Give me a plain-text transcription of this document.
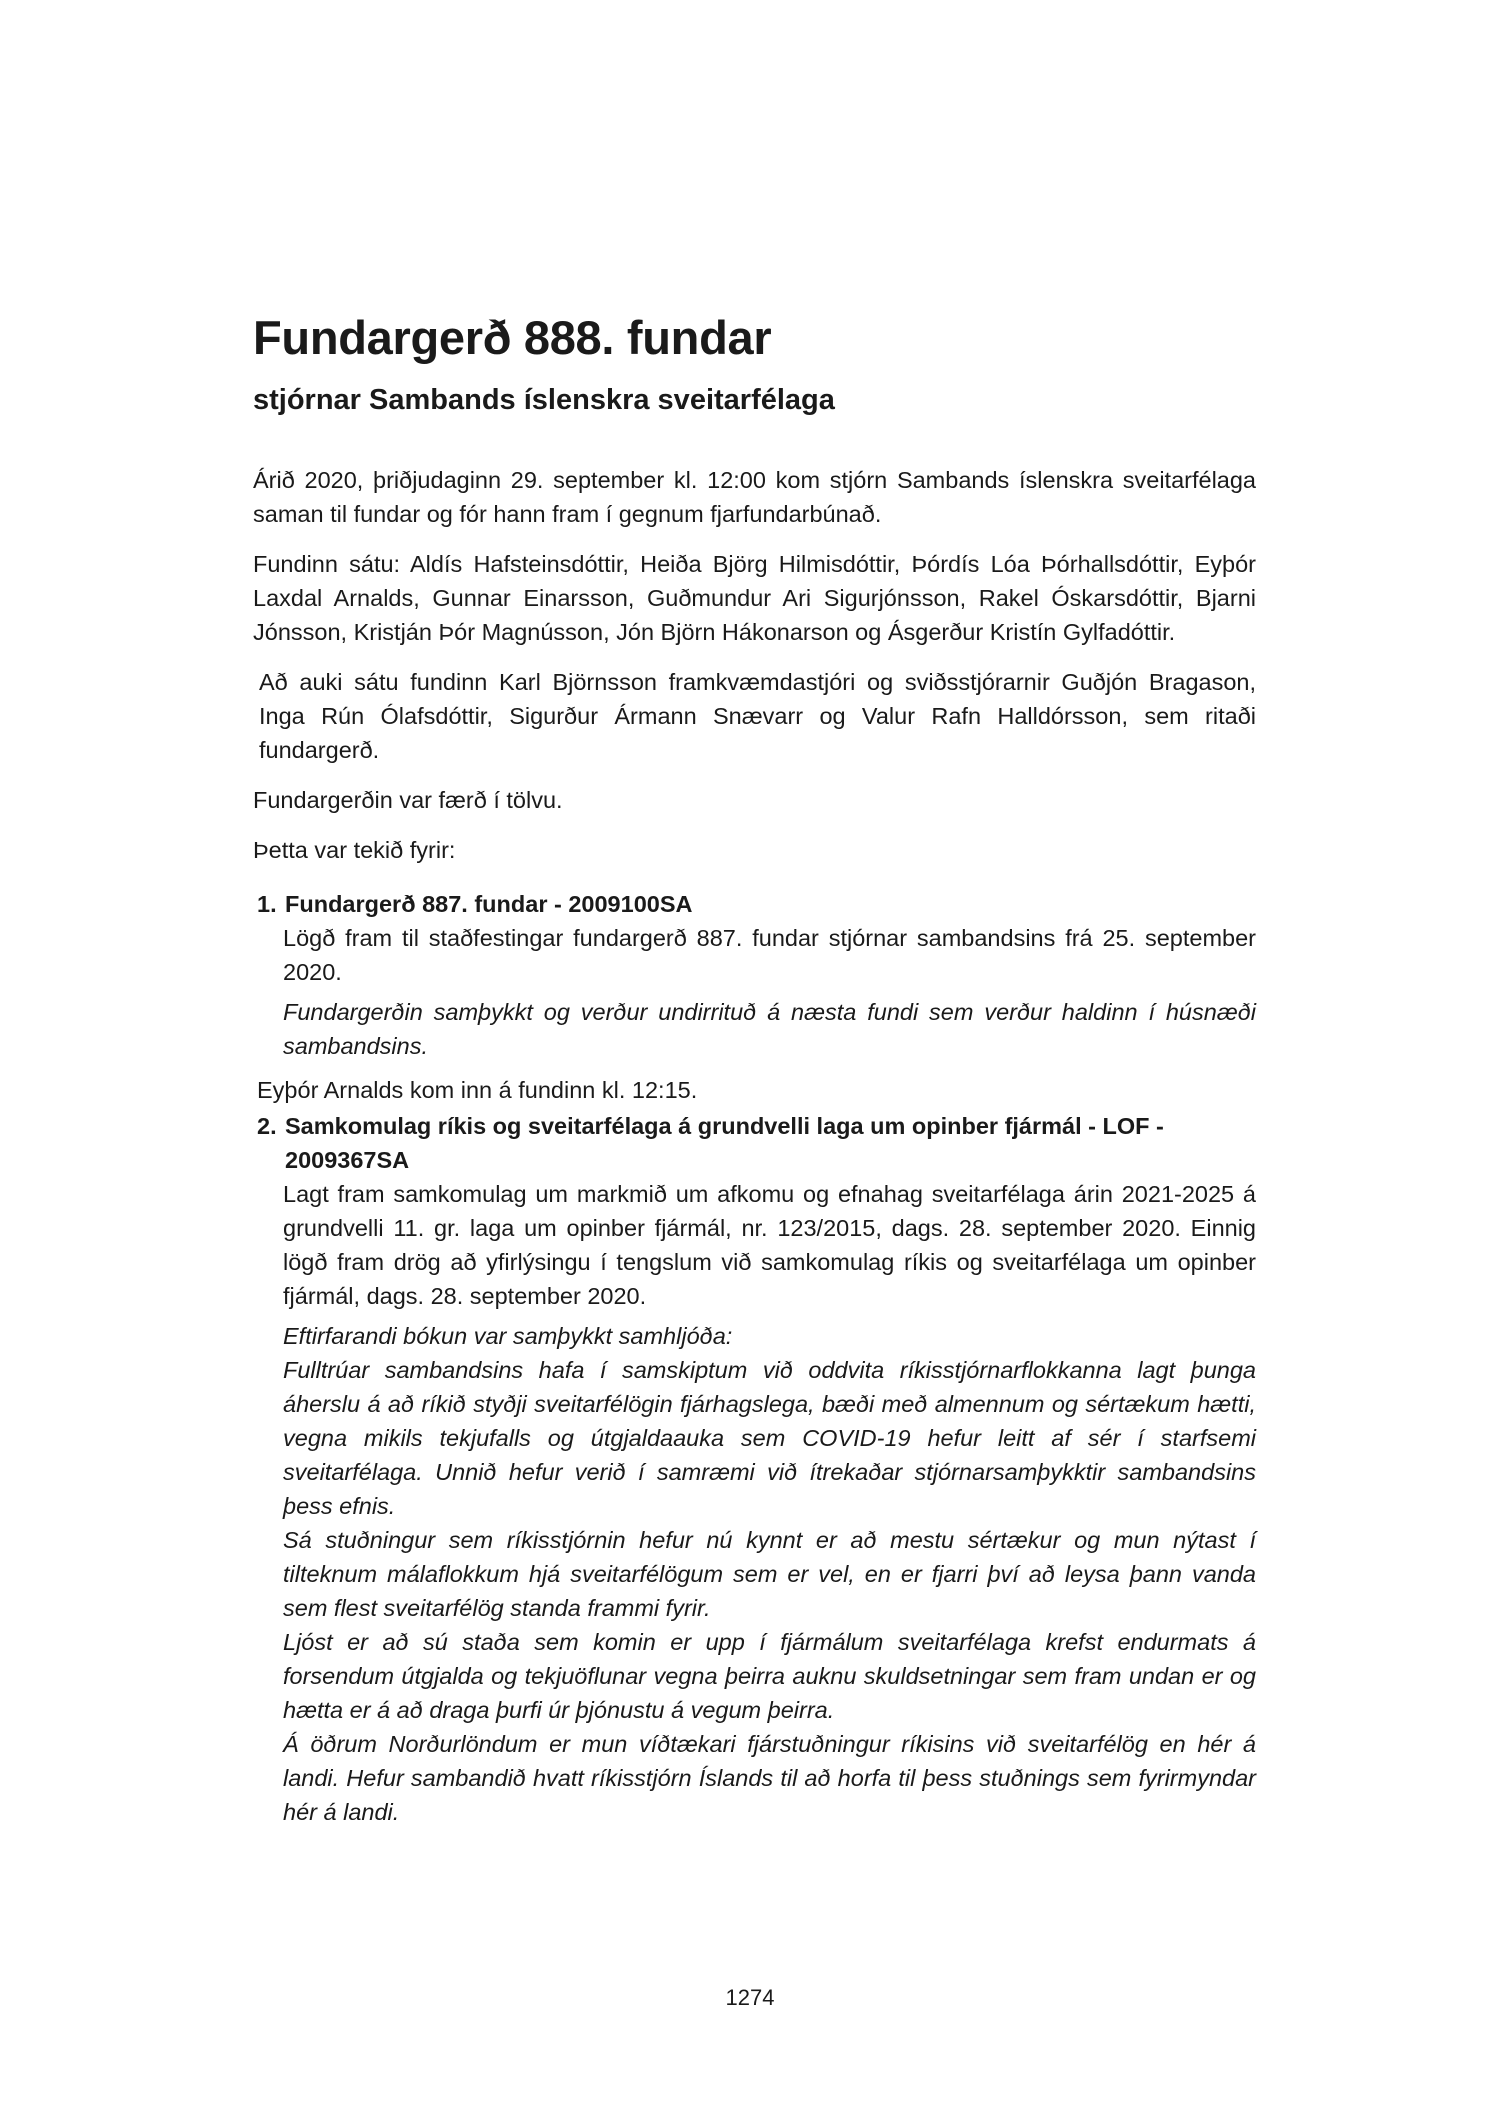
Fundargerð 888. fundar
stjórnar Sambands íslenskra sveitarfélaga

Árið 2020, þriðjudaginn 29. september kl. 12:00 kom stjórn Sambands íslenskra sveitarfélaga saman til fundar og fór hann fram í gegnum fjarfundarbúnað.

Fundinn sátu: Aldís Hafsteinsdóttir, Heiða Björg Hilmisdóttir, Þórdís Lóa Þórhallsdóttir, Eyþór Laxdal Arnalds, Gunnar Einarsson, Guðmundur Ari Sigurjónsson, Rakel Óskarsdóttir, Bjarni Jónsson, Kristján Þór Magnússon, Jón Björn Hákonarson og Ásgerður Kristín Gylfadóttir.

Að auki sátu fundinn Karl Björnsson framkvæmdastjóri og sviðsstjórarnir Guðjón Bragason, Inga Rún Ólafsdóttir, Sigurður Ármann Snævarr og Valur Rafn Halldórsson, sem ritaði fundargerð.

Fundargerðin var færð í tölvu.

Þetta var tekið fyrir:

1. Fundargerð 887. fundar - 2009100SA

Lögð fram til staðfestingar fundargerð 887. fundar stjórnar sambandsins frá 25. september 2020.

Fundargerðin samþykkt og verður undirrituð á næsta fundi sem verður haldinn í húsnæði sambandsins.

Eyþór Arnalds kom inn á fundinn kl. 12:15.

2. Samkomulag ríkis og sveitarfélaga á grundvelli laga um opinber fjármál - LOF - 2009367SA

Lagt fram samkomulag um markmið um afkomu og efnahag sveitarfélaga árin 2021-2025 á grundvelli 11. gr. laga um opinber fjármál, nr. 123/2015, dags. 28. september 2020. Einnig lögð fram drög að yfirlýsingu í tengslum við samkomulag ríkis og sveitarfélaga um opinber fjármál, dags. 28. september 2020.

Eftirfarandi bókun var samþykkt samhljóða:

Fulltrúar sambandsins hafa í samskiptum við oddvita ríkisstjórnarflokkanna lagt þunga áherslu á að ríkið styðji sveitarfélögin fjárhagslega, bæði með almennum og sértækum hætti, vegna mikils tekjufalls og útgjaldaauka sem COVID-19 hefur leitt af sér í starfsemi sveitarfélaga. Unnið hefur verið í samræmi við ítrekaðar stjórnarsamþykktir sambandsins þess efnis.

Sá stuðningur sem ríkisstjórnin hefur nú kynnt er að mestu sértækur og mun nýtast í tilteknum málaflokkum hjá sveitarfélögum sem er vel, en er fjarri því að leysa þann vanda sem flest sveitarfélög standa frammi fyrir.

Ljóst er að sú staða sem komin er upp í fjármálum sveitarfélaga krefst endurmats á forsendum útgjalda og tekjuöflunar vegna þeirra auknu skuldsetningar sem fram undan er og hætta er á að draga þurfi úr þjónustu á vegum þeirra.

Á öðrum Norðurlöndum er mun víðtækari fjárstuðningur ríkisins við sveitarfélög en hér á landi. Hefur sambandið hvatt ríkisstjórn Íslands til að horfa til þess stuðnings sem fyrirmyndar hér á landi.

1274
